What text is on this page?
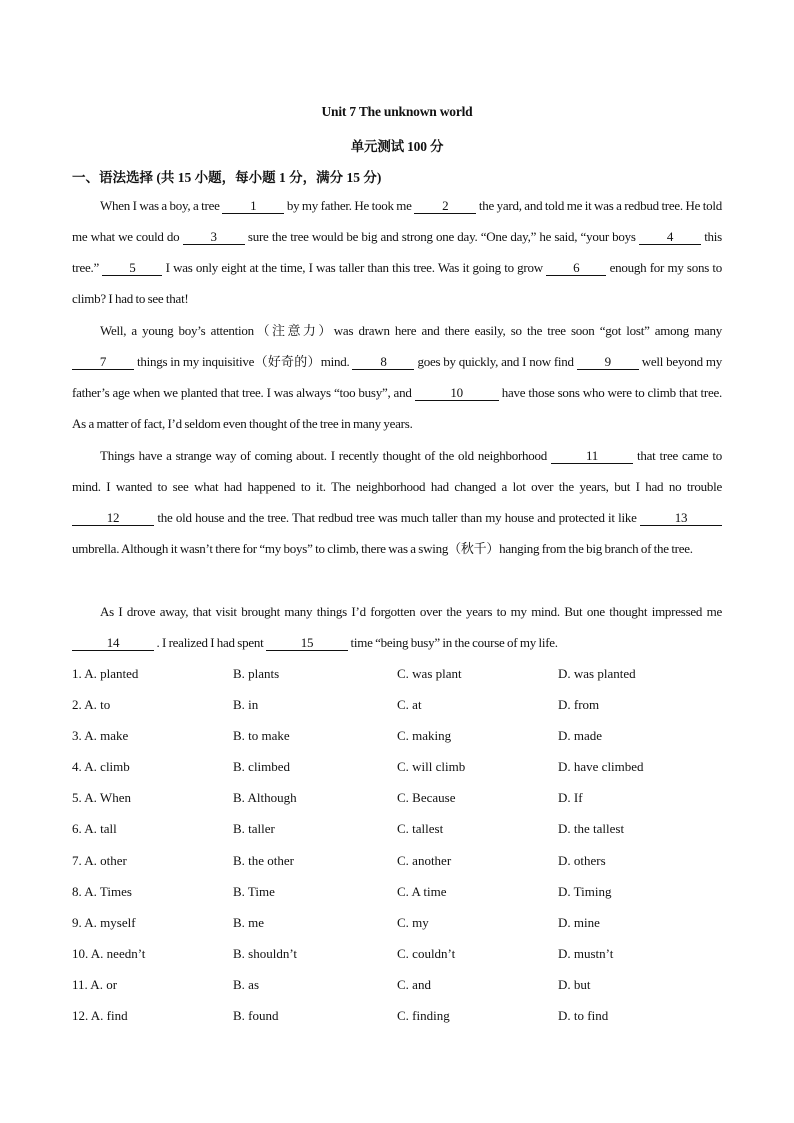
Unit 7 The unknown world
单元测试 100 分
一、语法选择 (共 15 小题，每小题 1 分，满分 15 分)
When I was a boy, a tree 1 by my father. He took me 2 the yard, and told me it was a redbud tree. He told me what we could do 3 sure the tree would be big and strong one day. “One day,” he said, “your boys 4 this tree.” 5 I was only eight at the time, I was taller than this tree. Was it going to grow 6 enough for my sons to climb? I had to see that!
Well, a young boy’s attention（注意力）was drawn here and there easily, so the tree soon “got lost” among many 7 things in my inquisitive（好奇的）mind. 8 goes by quickly, and I now find 9 well beyond my father’s age when we planted that tree. I was always “too busy”, and	10	have those sons who were to climb that tree. As a matter of fact, I’d seldom even thought of the tree in many years.
Things have a strange way of coming about. I recently thought of the old neighborhood	11	that tree came to mind. I wanted to see what had happened to it. The neighborhood had changed a lot over the years, but I had no trouble 12	the old house and the tree. That redbud tree was much taller than my house and protected it like	13 umbrella. Although it wasn’t there for “my boys” to climb, there was a swing（秋千）hanging from the big branch of the tree.
As I drove away, that visit brought many things I’d forgotten over the years to my mind. But one thought impressed me 14	. I realized I had spent	15	time “being busy” in the course of my life.
1. A. planted	B. plants	C. was plant	D. was planted
2. A. to	B. in	C. at	D. from
3. A. make	B. to make	C. making	D. made
4. A. climb	B. climbed	C. will climb	D. have climbed
5. A. When	B. Although	C. Because	D. If
6. A. tall	B. taller	C. tallest	D. the tallest
7. A. other	B. the other	C. another	D. others
8. A. Times	B. Time	C. A time	D. Timing
9. A. myself	B. me	C. my	D. mine
10. A. needn’t	B. shouldn’t	C. couldn’t	D. mustn’t
11. A. or	B. as	C. and	D. but
12. A. find	B. found	C. finding	D. to find
